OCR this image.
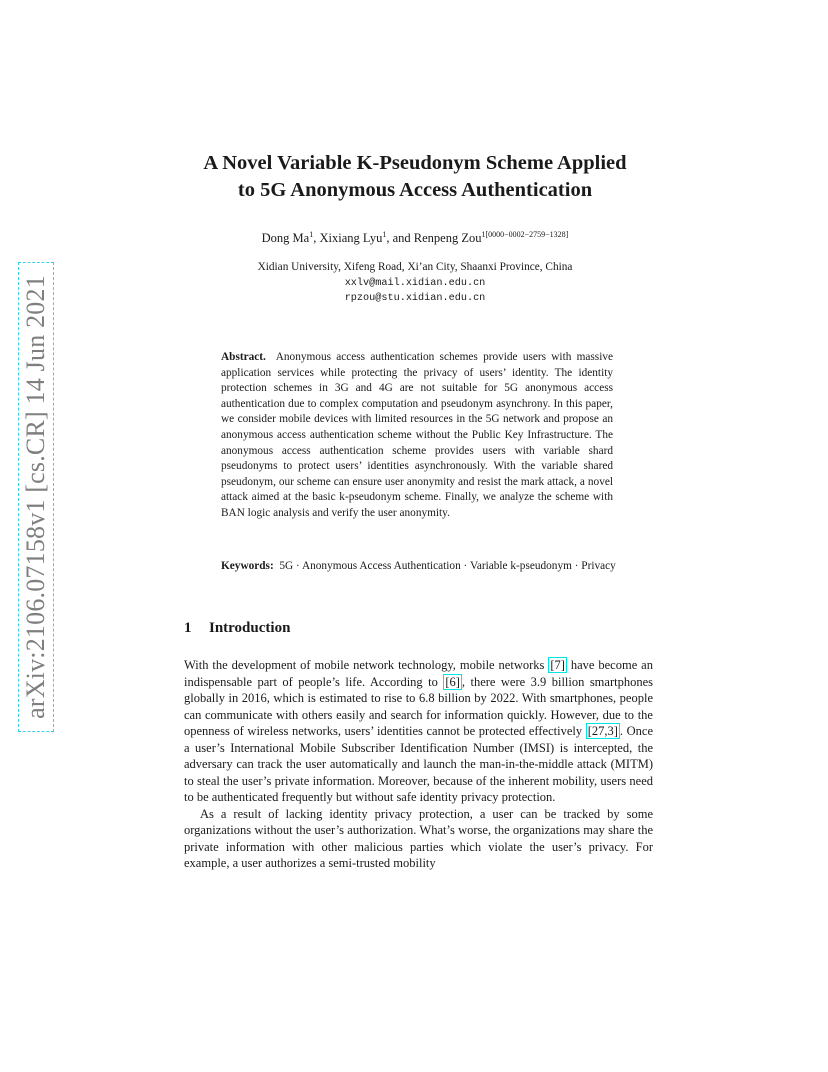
arXiv:2106.07158v1 [cs.CR] 14 Jun 2021
A Novel Variable K-Pseudonym Scheme Applied
to 5G Anonymous Access Authentication

Dong Ma$^1$, Xixiang Lyu$^1$, and Renpeng Zou$^{1[0000-0002-2759-1328]}$

Xidian University, Xifeng Road, Xi’an City, Shaanxi Province, China
xxlv@mail.xidian.edu.cn
rpzou@stu.xidian.edu.cn

Abstract. Anonymous access authentication schemes provide users with massive application services while protecting the privacy of users’ identity. The identity protection schemes in 3G and 4G are not suitable for 5G anonymous access authentication due to complex computation and pseudonym asynchrony. In this paper, we consider mobile devices with limited resources in the 5G network and propose an anonymous access authentication scheme without the Public Key Infrastructure. The anonymous access authentication scheme provides users with variable shard pseudonyms to protect users’ identities asynchronously. With the variable shared pseudonym, our scheme can ensure user anonymity and resist the mark attack, a novel attack aimed at the basic k-pseudonym scheme. Finally, we analyze the scheme with BAN logic analysis and verify the user anonymity.

Keywords: 5G · Anonymous Access Authentication · Variable k-pseudonym · Privacy

1 Introduction

With the development of mobile network technology, mobile networks [7] have become an indispensable part of people’s life. According to [6] , there were 3.9 billion smartphones globally in 2016, which is estimated to rise to 6.8 billion by 2022. With smartphones, people can communicate with others easily and search for information quickly. However, due to the openness of wireless networks, users’ identities cannot be protected effectively [27,3] . Once a user’s International Mobile Subscriber Identification Number (IMSI) is intercepted, the adversary can track the user automatically and launch the man-in-the-middle attack (MITM) to steal the user’s private information. Moreover, because of the inherent mobility, users need to be authenticated frequently but without safe identity privacy protection.

As a result of lacking identity privacy protection, a user can be tracked by some organizations without the user’s authorization. What’s worse, the organizations may share the private information with other malicious parties which violate the user’s privacy. For example, a user authorizes a semi-trusted mobility
